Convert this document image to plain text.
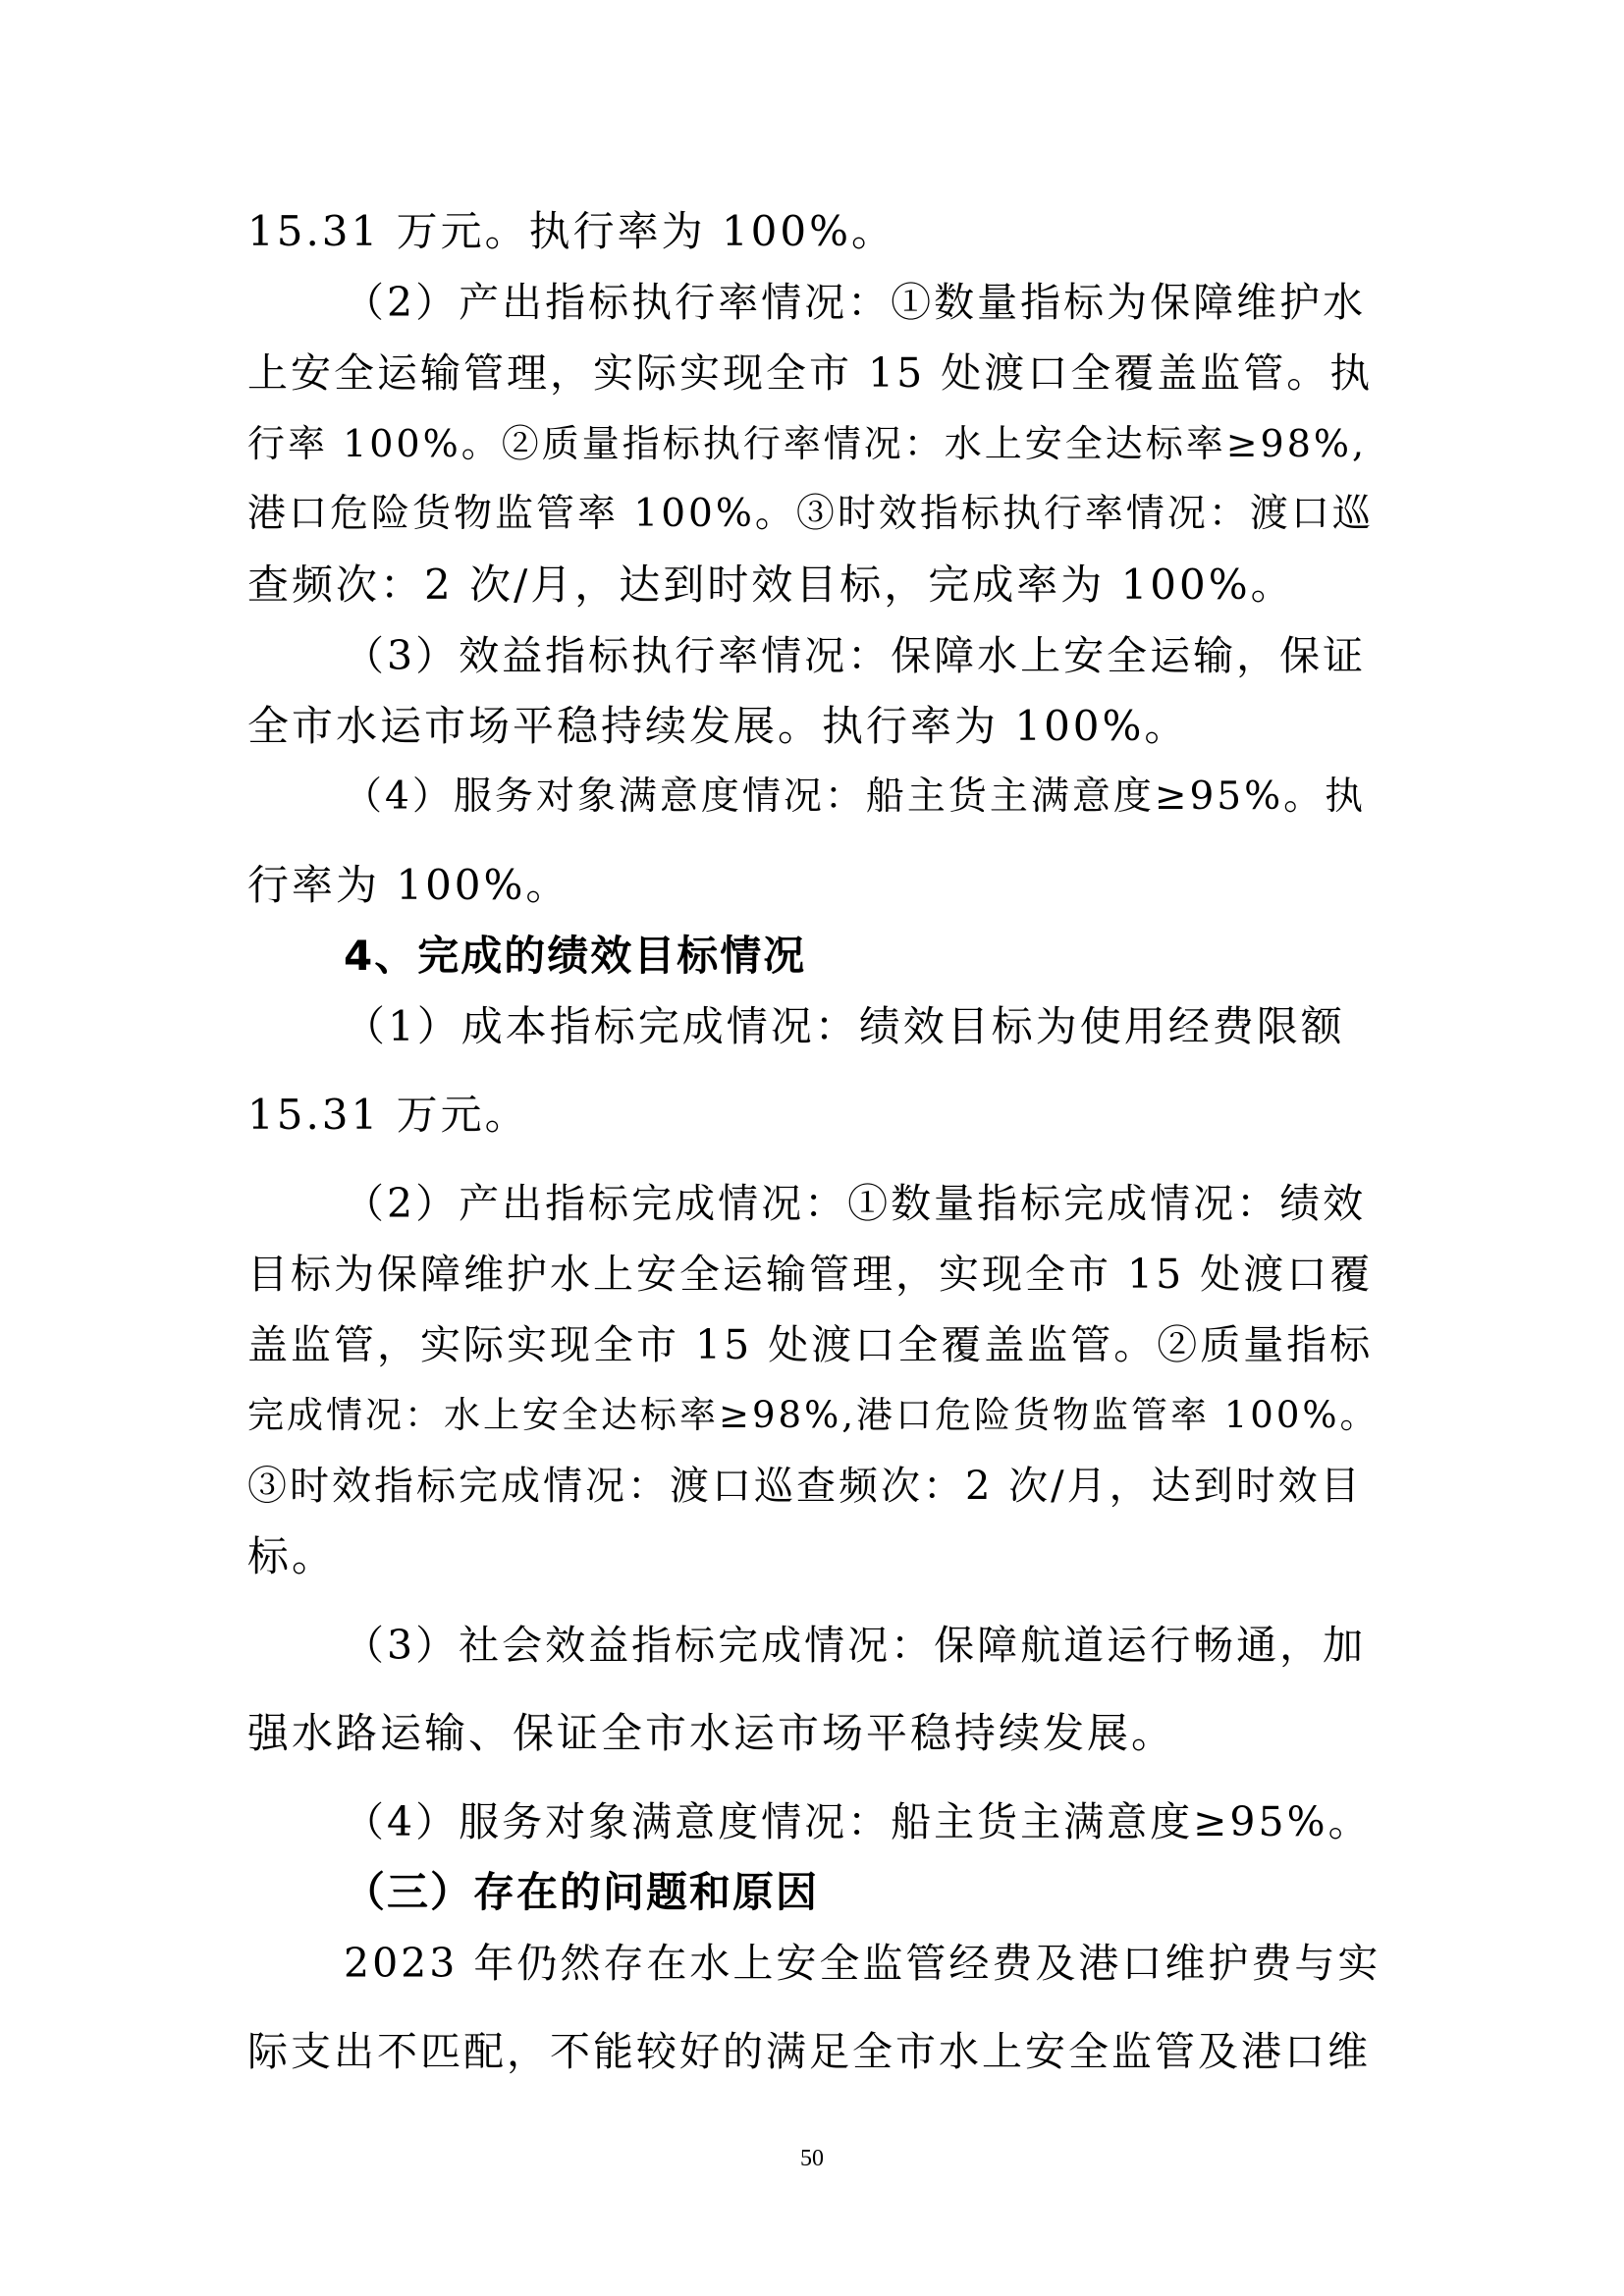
15.31 万元。执行率为 100%。
（2）产出指标执行率情况：①数量指标为保障维护水
上安全运输管理，实际实现全市 15 处渡口全覆盖监管。执
行率 100%。②质量指标执行率情况：水上安全达标率≥98%,
港口危险货物监管率 100%。③时效指标执行率情况：渡口巡
查频次：2 次/月，达到时效目标，完成率为 100%。
（3）效益指标执行率情况：保障水上安全运输，保证
全市水运市场平稳持续发展。执行率为 100%。
（4）服务对象满意度情况：船主货主满意度≥95%。执
行率为 100%。
4、完成的绩效目标情况
（1）成本指标完成情况：绩效目标为使用经费限额
15.31 万元。
（2）产出指标完成情况：①数量指标完成情况：绩效
目标为保障维护水上安全运输管理，实现全市 15 处渡口覆
盖监管，实际实现全市 15 处渡口全覆盖监管。②质量指标
完成情况：水上安全达标率≥98%,港口危险货物监管率 100%。
③时效指标完成情况：渡口巡查频次：2 次/月，达到时效目
标。
（3）社会效益指标完成情况：保障航道运行畅通，加
强水路运输、保证全市水运市场平稳持续发展。
（4）服务对象满意度情况：船主货主满意度≥95%。
（三）存在的问题和原因
2023 年仍然存在水上安全监管经费及港口维护费与实
际支出不匹配，不能较好的满足全市水上安全监管及港口维
50
